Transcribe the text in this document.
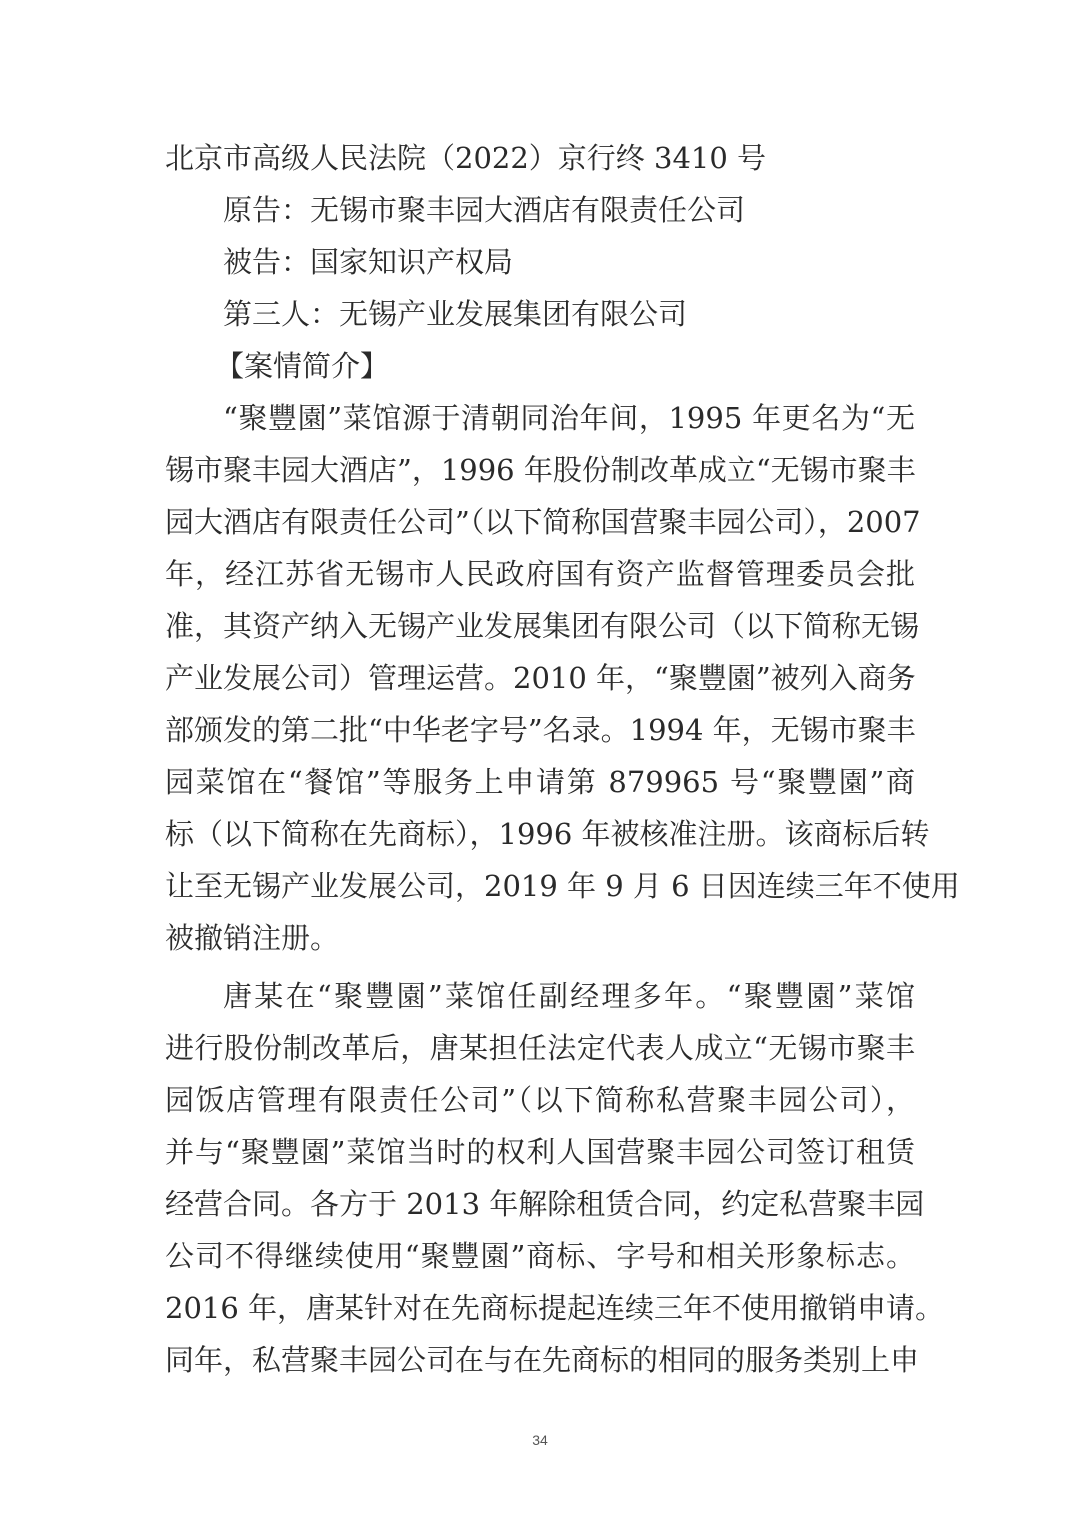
北京市高级人民法院（2022）京行终 3410 号
原告：无锡市聚丰园大酒店有限责任公司
被告：国家知识产权局
第三人：无锡产业发展集团有限公司
【案情简介】
“聚豐園”菜馆源于清朝同治年间，1995 年更名为“无
锡市聚丰园大酒店”，1996 年股份制改革成立“无锡市聚丰
园大酒店有限责任公司”（以下简称国营聚丰园公司），2007
年，经江苏省无锡市人民政府国有资产监督管理委员会批
准，其资产纳入无锡产业发展集团有限公司（以下简称无锡
产业发展公司）管理运营。2010 年，“聚豐園”被列入商务
部颁发的第二批“中华老字号”名录。1994 年，无锡市聚丰
园菜馆在“餐馆”等服务上申请第 879965 号“聚豐園”商
标（以下简称在先商标），1996 年被核准注册。该商标后转
让至无锡产业发展公司，2019 年 9 月 6 日因连续三年不使用
被撤销注册。
唐某在“聚豐園”菜馆任副经理多年。“聚豐園”菜馆
进行股份制改革后，唐某担任法定代表人成立“无锡市聚丰
园饭店管理有限责任公司”（以下简称私营聚丰园公司），
并与“聚豐園”菜馆当时的权利人国营聚丰园公司签订租赁
经营合同。各方于 2013 年解除租赁合同，约定私营聚丰园
公司不得继续使用“聚豐園”商标、字号和相关形象标志。
2016 年，唐某针对在先商标提起连续三年不使用撤销申请。
同年，私营聚丰园公司在与在先商标的相同的服务类别上申
34
